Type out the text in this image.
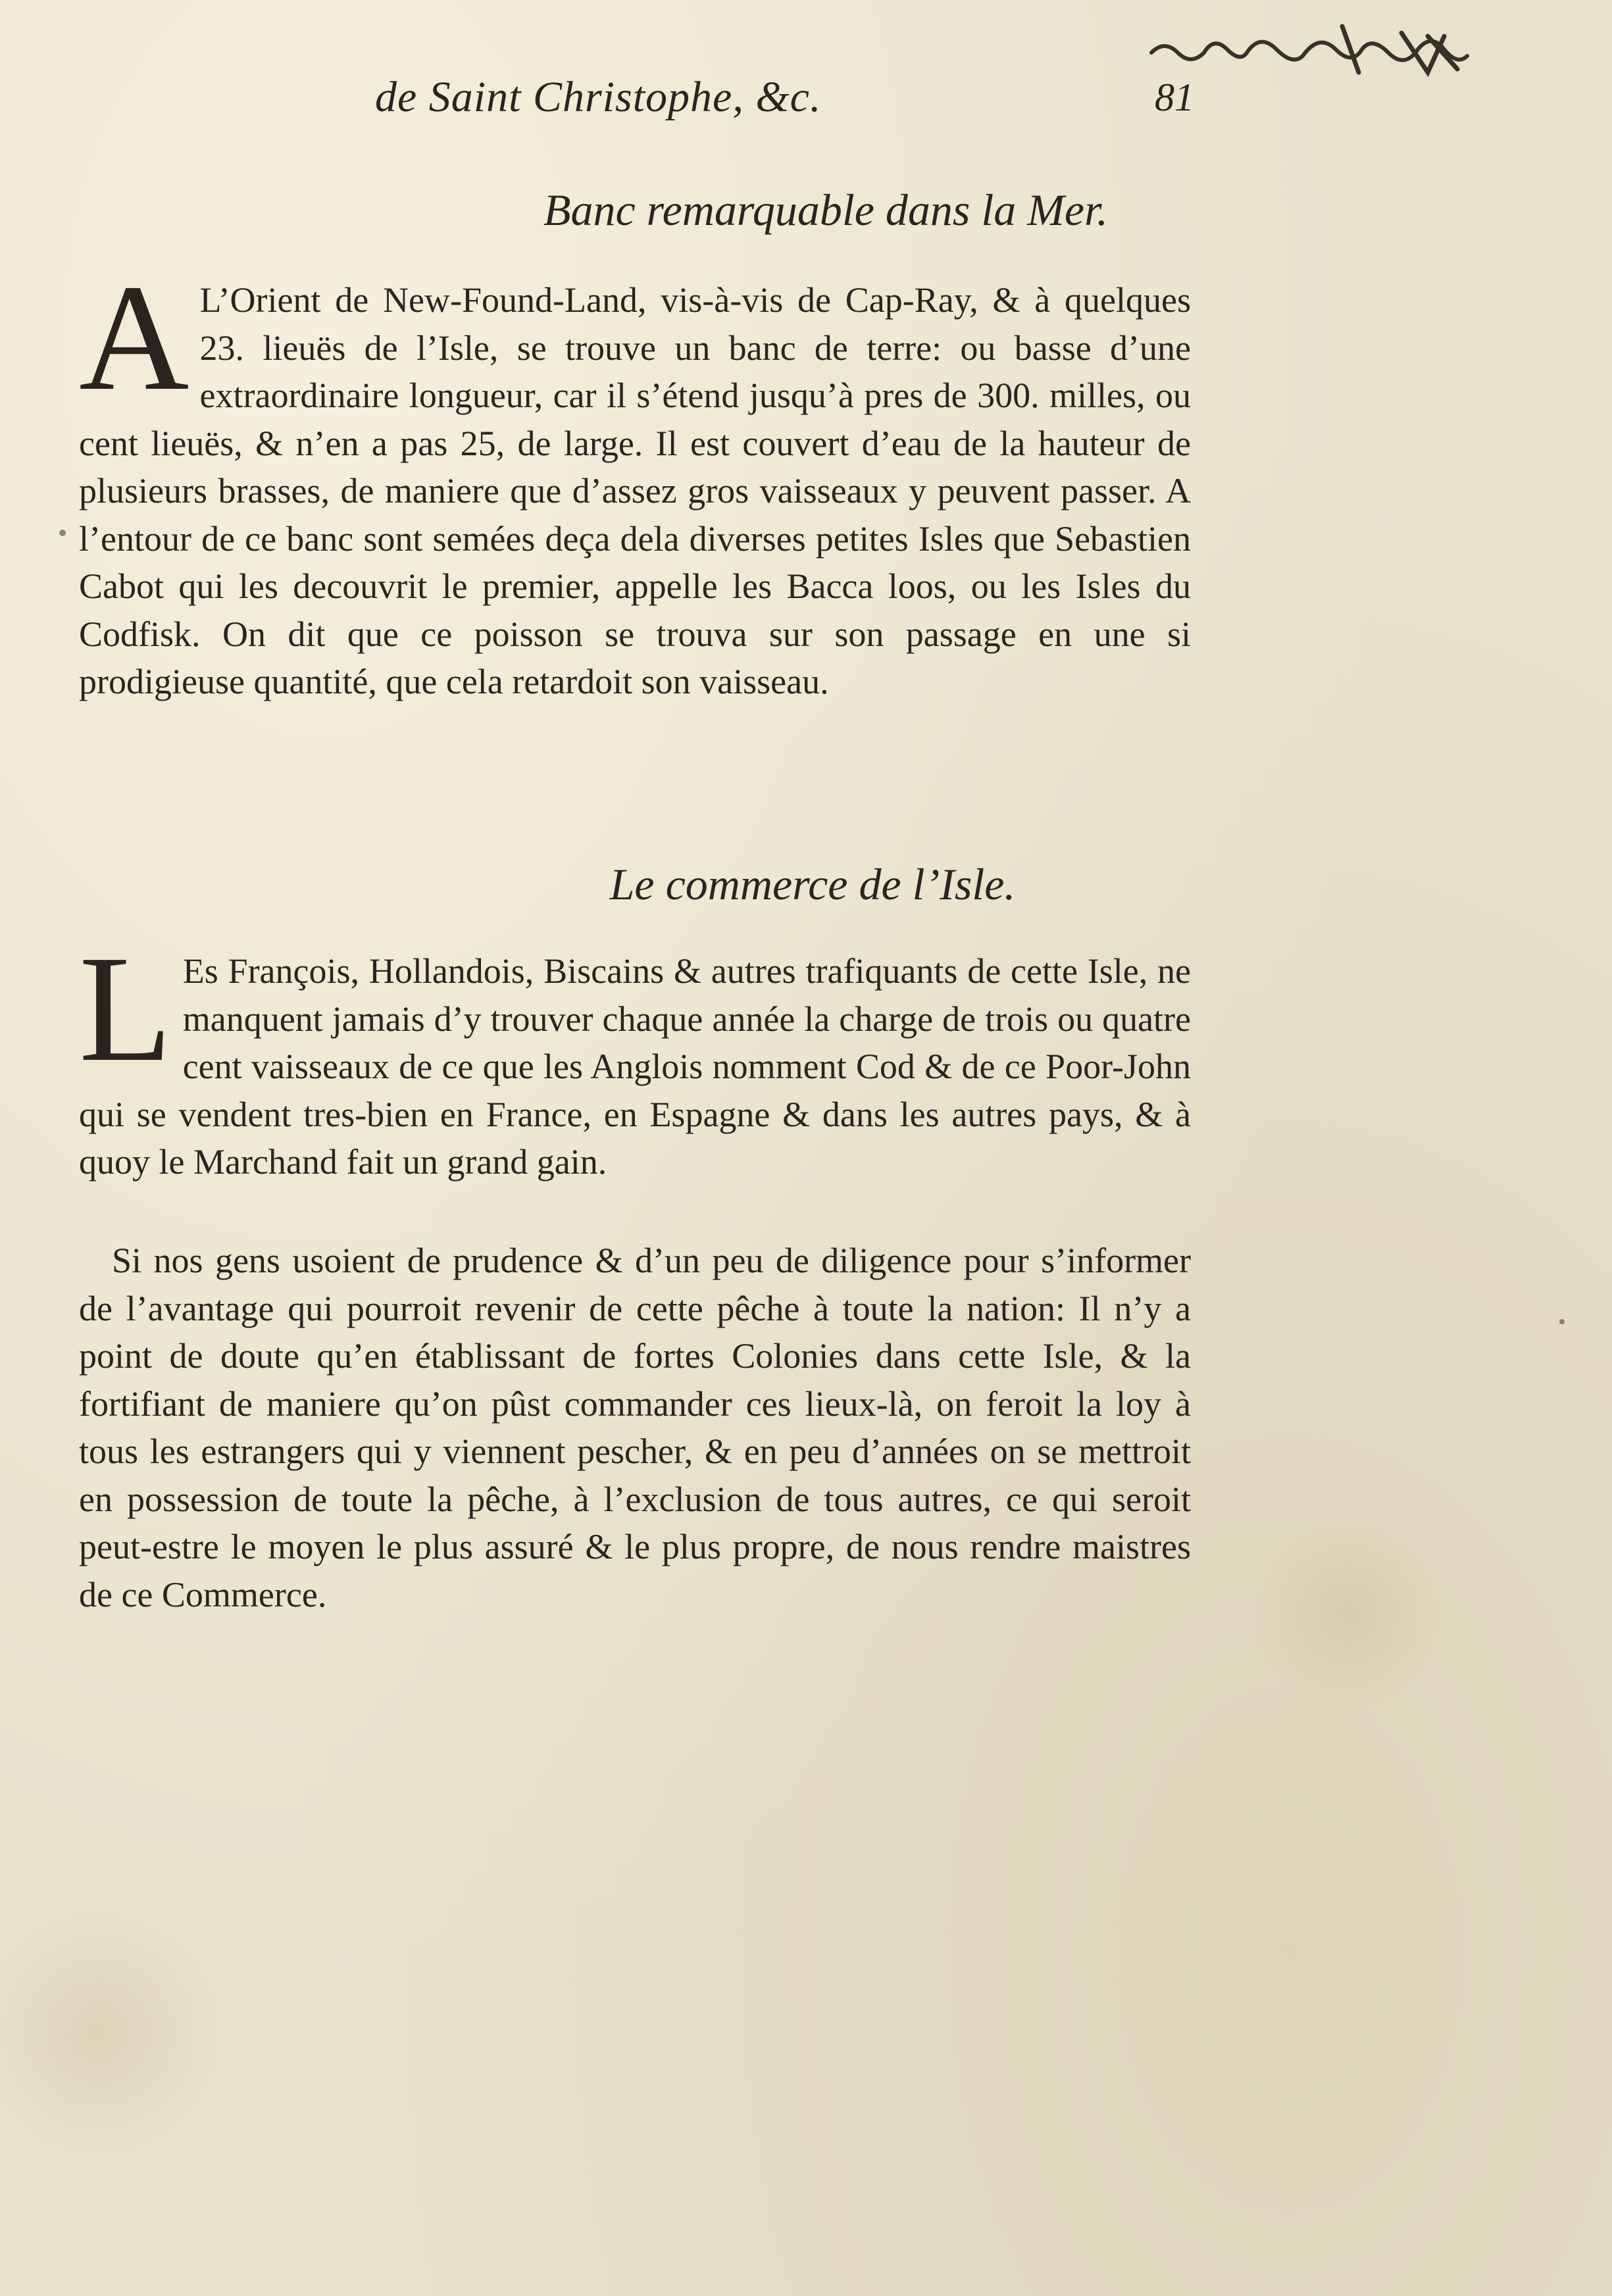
de Saint Christophe, &c.	81
Banc remarquable dans la Mer.
A L’Orient de New-Found-Land, vis-à-vis de Cap-Ray, & à quelques 23. lieuës de l’Isle, se trouve un banc de terre: ou basse d’une extraordinaire longueur, car il s’étend jusqu’à pres de 300. milles, ou cent lieuës, & n’en a pas 25, de large. Il est couvert d’eau de la hauteur de plusieurs brasses, de maniere que d’assez gros vaisseaux y peuvent passer. A l’entour de ce banc sont semées deça dela diverses petites Isles que Sebastien Cabot qui les decouvrit le premier, appelle les Bacca loos, ou les Isles du Codfisk. On dit que ce poisson se trouva sur son passage en une si prodigieuse quantité, que cela retardoit son vaisseau.
Le commerce de l’Isle.
L Es François, Hollandois, Biscains & autres trafiquants de cette Isle, ne manquent jamais d’y trouver chaque année la charge de trois ou quatre cent vaisseaux de ce que les Anglois nomment Cod & de ce Poor-John qui se vendent tres-bien en France, en Espagne & dans les autres pays, & à quoy le Marchand fait un grand gain.
Si nos gens usoient de prudence & d’un peu de diligence pour s’informer de l’avantage qui pourroit revenir de cette pêche à toute la nation: Il n’y a point de doute qu’en établissant de fortes Colonies dans cette Isle, & la fortifiant de maniere qu’on pûst commander ces lieux-là, on feroit la loy à tous les estrangers qui y viennent pescher, & en peu d’années on se mettroit en possession de toute la pêche, à l’exclusion de tous autres, ce qui seroit peut-estre le moyen le plus assuré & le plus propre, de nous rendre maistres de ce Commerce.
